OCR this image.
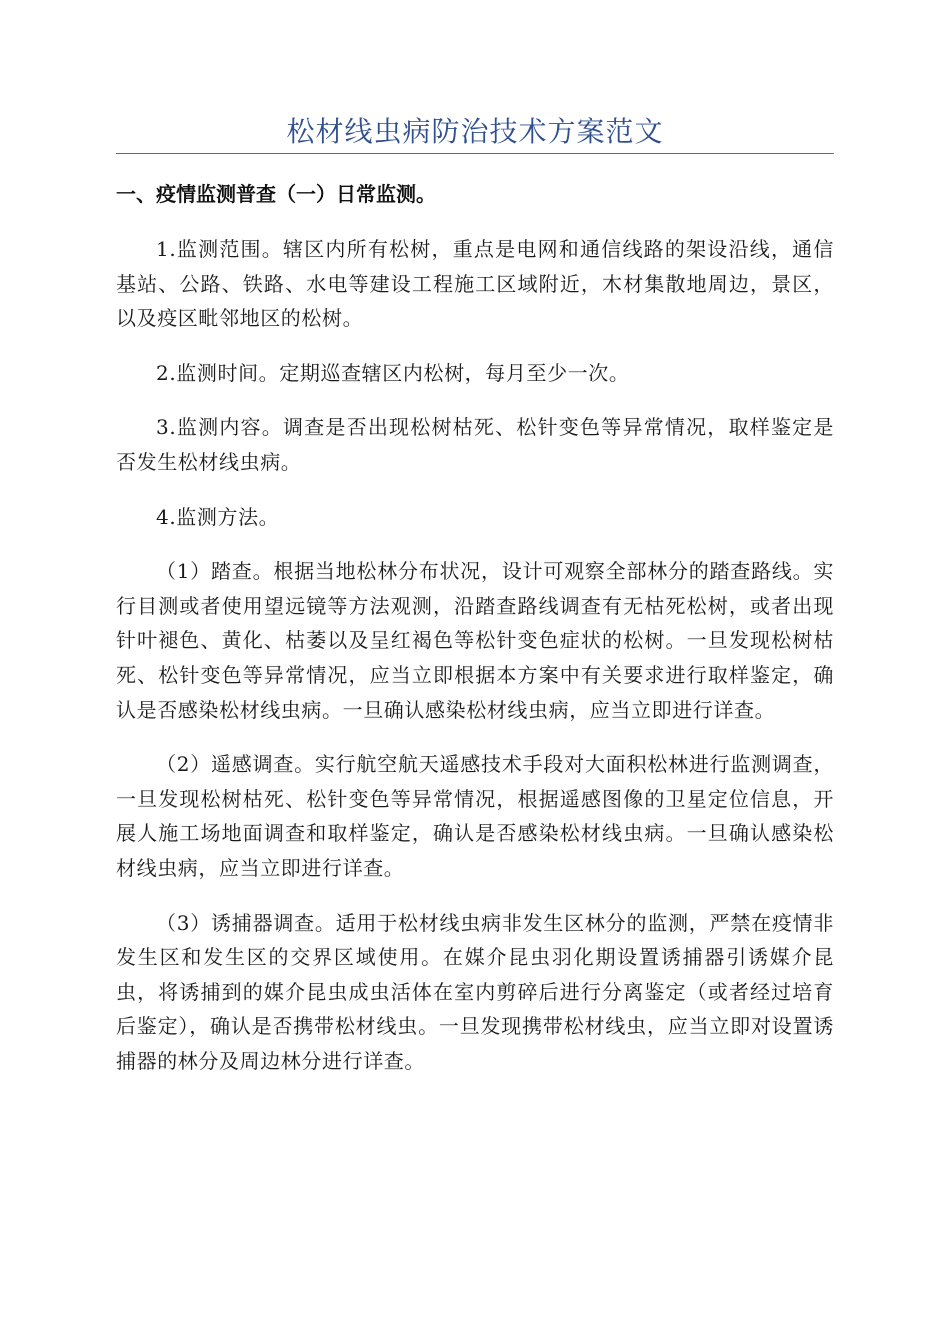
松材线虫病防治技术方案范文
一、疫情监测普查（一）日常监测。

1.监测范围。辖区内所有松树，重点是电网和通信线路的架设沿线，通信基站、公路、铁路、水电等建设工程施工区域附近，木材集散地周边，景区，以及疫区毗邻地区的松树。

2.监测时间。定期巡查辖区内松树，每月至少一次。

3.监测内容。调查是否出现松树枯死、松针变色等异常情况，取样鉴定是否发生松材线虫病。

4.监测方法。

（1）踏查。根据当地松林分布状况，设计可观察全部林分的踏查路线。实行目测或者使用望远镜等方法观测，沿踏查路线调查有无枯死松树，或者出现针叶褪色、黄化、枯萎以及呈红褐色等松针变色症状的松树。一旦发现松树枯死、松针变色等异常情况，应当立即根据本方案中有关要求进行取样鉴定，确认是否感染松材线虫病。一旦确认感染松材线虫病，应当立即进行详查。

（2）遥感调查。实行航空航天遥感技术手段对大面积松林进行监测调查，一旦发现松树枯死、松针变色等异常情况，根据遥感图像的卫星定位信息，开展人施工场地面调查和取样鉴定，确认是否感染松材线虫病。一旦确认感染松材线虫病，应当立即进行详查。

（3）诱捕器调查。适用于松材线虫病非发生区林分的监测，严禁在疫情非发生区和发生区的交界区域使用。在媒介昆虫羽化期设置诱捕器引诱媒介昆虫，将诱捕到的媒介昆虫成虫活体在室内剪碎后进行分离鉴定（或者经过培育后鉴定），确认是否携带松材线虫。一旦发现携带松材线虫，应当立即对设置诱捕器的林分及周边林分进行详查。
